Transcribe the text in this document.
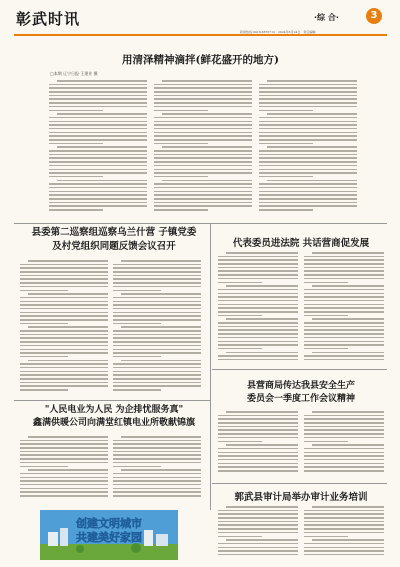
彰武时讯	·综 合·	3
新闻热线:0418-8876712　2024年6月24日　责任编辑:
用清泽精神滴拌(鲜花盛开的地方)
□本期 辽宁日报·王建业 摄
县委第二巡察组巡察乌兰什营 子镇党委
及村党组织同题反馈会议召开	代表委员进法院 共话营商促发展
"人民电业为人民 为企排忧服务真"
鑫满供暖公司向满堂红镇电业所敬献锦旗
县营商局传达我县安全生产
委员会一季度工作会议精神
郭武县审计局举办审计业务培训
创建文明城市
共建美好家园
